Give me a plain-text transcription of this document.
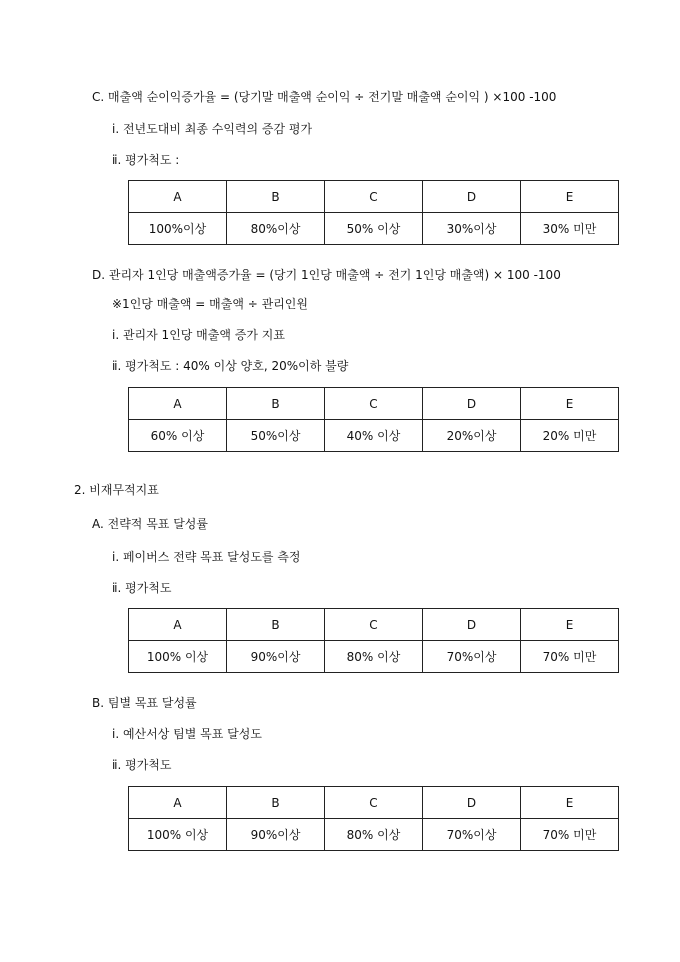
C. 매출액 순이익증가율 = (당기말 매출액 순이익 ÷ 전기말 매출액 순이익 ) ×100 -100
ⅰ. 전년도대비 최종 수익력의 증감 평가
ⅱ. 평가척도 :
A	B	C	D	E
100%이상	80%이상	50% 이상	30%이상	30% 미만
D. 관리자 1인당 매출액증가율 = (당기 1인당 매출액 ÷ 전기 1인당 매출액) × 100 -100
※1인당 매출액 = 매출액 ÷ 관리인원
ⅰ. 관리자 1인당 매출액 증가 지표
ⅱ. 평가척도 : 40% 이상 양호, 20%이하 불량
A	B	C	D	E
60% 이상	50%이상	40% 이상	20%이상	20% 미만
2. 비재무적지표
A. 전략적 목표 달성률
ⅰ. 페이버스 전략 목표 달성도를 측정
ⅱ. 평가척도
A	B	C	D	E
100% 이상	90%이상	80% 이상	70%이상	70% 미만
B. 팀별 목표 달성률
ⅰ. 예산서상 팀별 목표 달성도
ⅱ. 평가척도
A	B	C	D	E
100% 이상	90%이상	80% 이상	70%이상	70% 미만
